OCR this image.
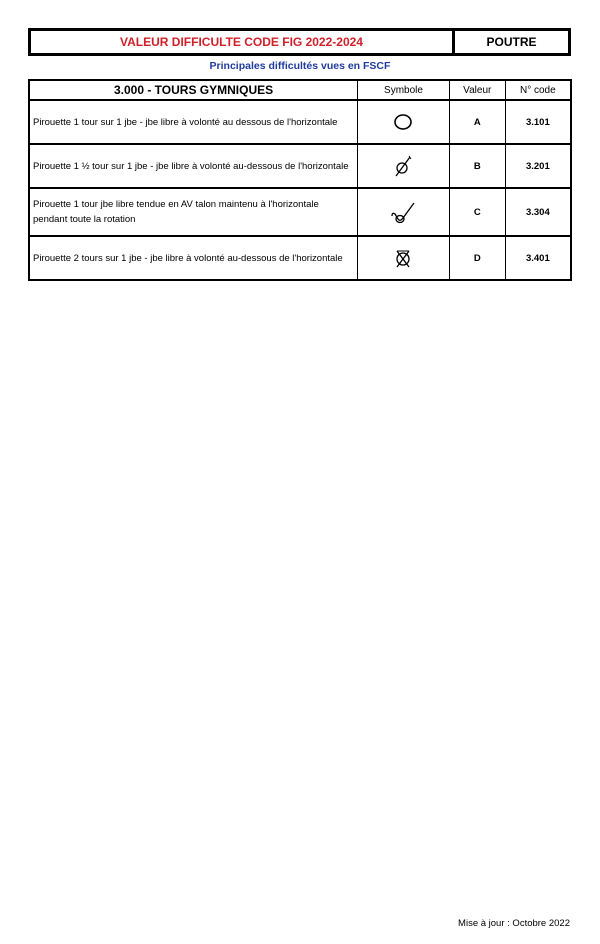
VALEUR DIFFICULTE CODE FIG 2022-2024	POUTRE
Principales difficultés vues en FSCF
3.000 - TOURS GYMNIQUES	Symbole	Valeur	N° code
Pirouette 1 tour sur 1 jbe - jbe libre à volonté au dessous de l'horizontale		A	3.101
Pirouette 1 ½ tour sur 1 jbe - jbe libre à volonté au-dessous de l'horizontale		B	3.201
Pirouette 1 tour jbe libre tendue en AV talon maintenu à l'horizontale pendant toute la rotation		C	3.304
Pirouette 2 tours sur 1 jbe - jbe libre à volonté au-dessous de l'horizontale		D	3.401
Mise à jour : Octobre 2022
